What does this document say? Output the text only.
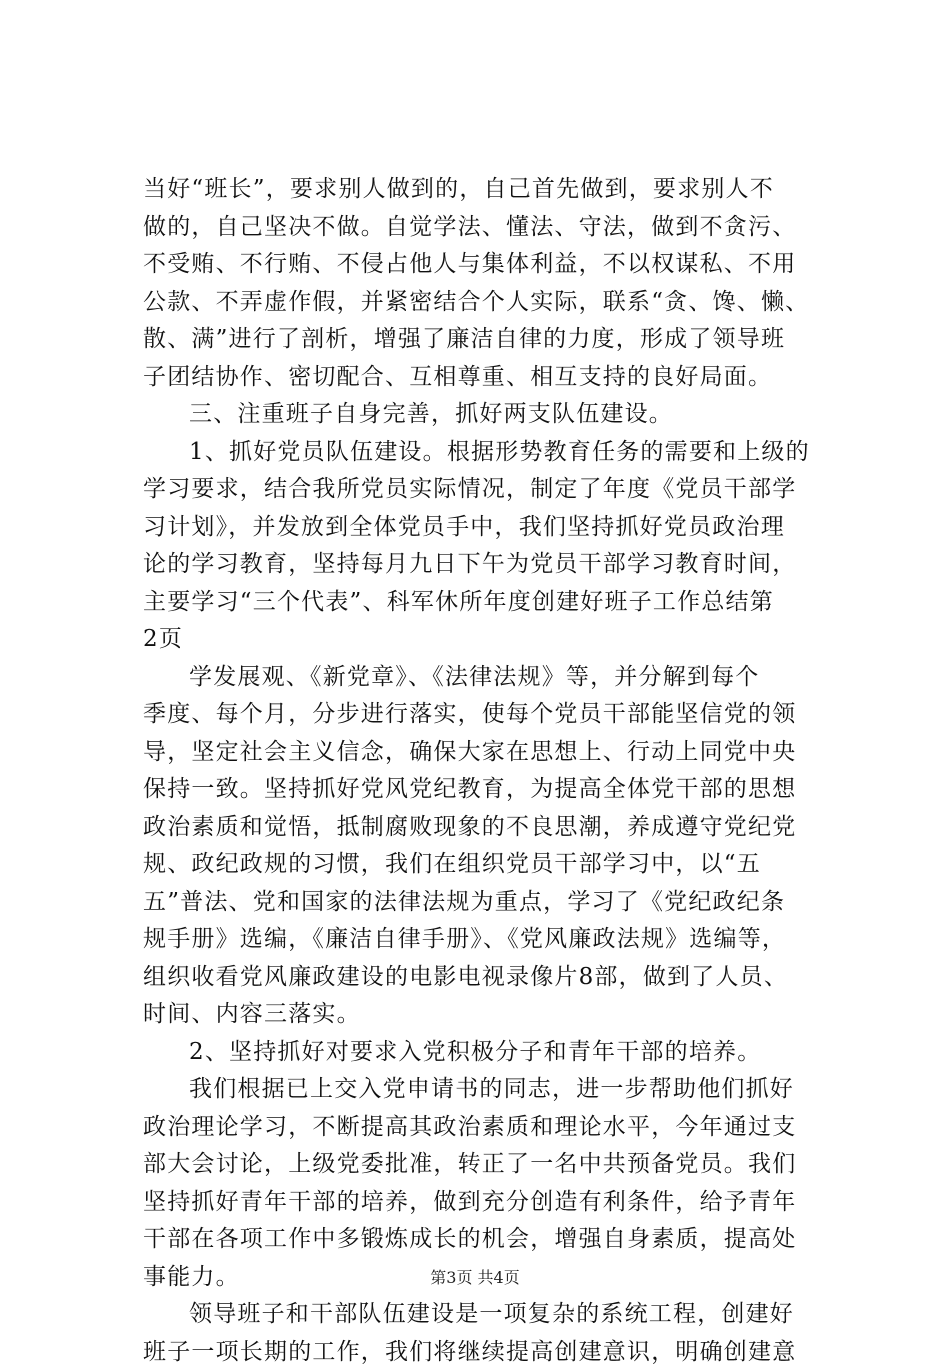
当好“班长”，要求别人做到的，自己首先做到，要求别人不
做的，自己坚决不做。自觉学法、懂法、守法，做到不贪污、
不受贿、不行贿、不侵占他人与集体利益，不以权谋私、不用
公款、不弄虚作假，并紧密结合个人实际，联系“贪、馋、懒、
散、满”进行了剖析，增强了廉洁自律的力度，形成了领导班
子团结协作、密切配合、互相尊重、相互支持的良好局面。
三、注重班子自身完善，抓好两支队伍建设。
1、抓好党员队伍建设。根据形势教育任务的需要和上级的
学习要求，结合我所党员实际情况，制定了年度《党员干部学
习计划》，并发放到全体党员手中，我们坚持抓好党员政治理
论的学习教育，坚持每月九日下午为党员干部学习教育时间，
主要学习“三个代表”、科军休所年度创建好班子工作总结第
2页
学发展观、《新党章》、《法律法规》等，并分解到每个
季度、每个月，分步进行落实，使每个党员干部能坚信党的领
导，坚定社会主义信念，确保大家在思想上、行动上同党中央
保持一致。坚持抓好党风党纪教育，为提高全体党干部的思想
政治素质和觉悟，抵制腐败现象的不良思潮，养成遵守党纪党
规、政纪政规的习惯，我们在组织党员干部学习中，以“五
五”普法、党和国家的法律法规为重点，学习了《党纪政纪条
规手册》选编，《廉洁自律手册》、《党风廉政法规》选编等，
组织收看党风廉政建设的电影电视录像片8部，做到了人员、
时间、内容三落实。
2、坚持抓好对要求入党积极分子和青年干部的培养。
我们根据已上交入党申请书的同志，进一步帮助他们抓好
政治理论学习，不断提高其政治素质和理论水平，今年通过支
部大会讨论，上级党委批准，转正了一名中共预备党员。我们
坚持抓好青年干部的培养，做到充分创造有利条件，给予青年
干部在各项工作中多锻炼成长的机会，增强自身素质，提高处
事能力。
领导班子和干部队伍建设是一项复杂的系统工程，创建好
班子一项长期的工作，我们将继续提高创建意识，明确创建意
第3页 共4页
